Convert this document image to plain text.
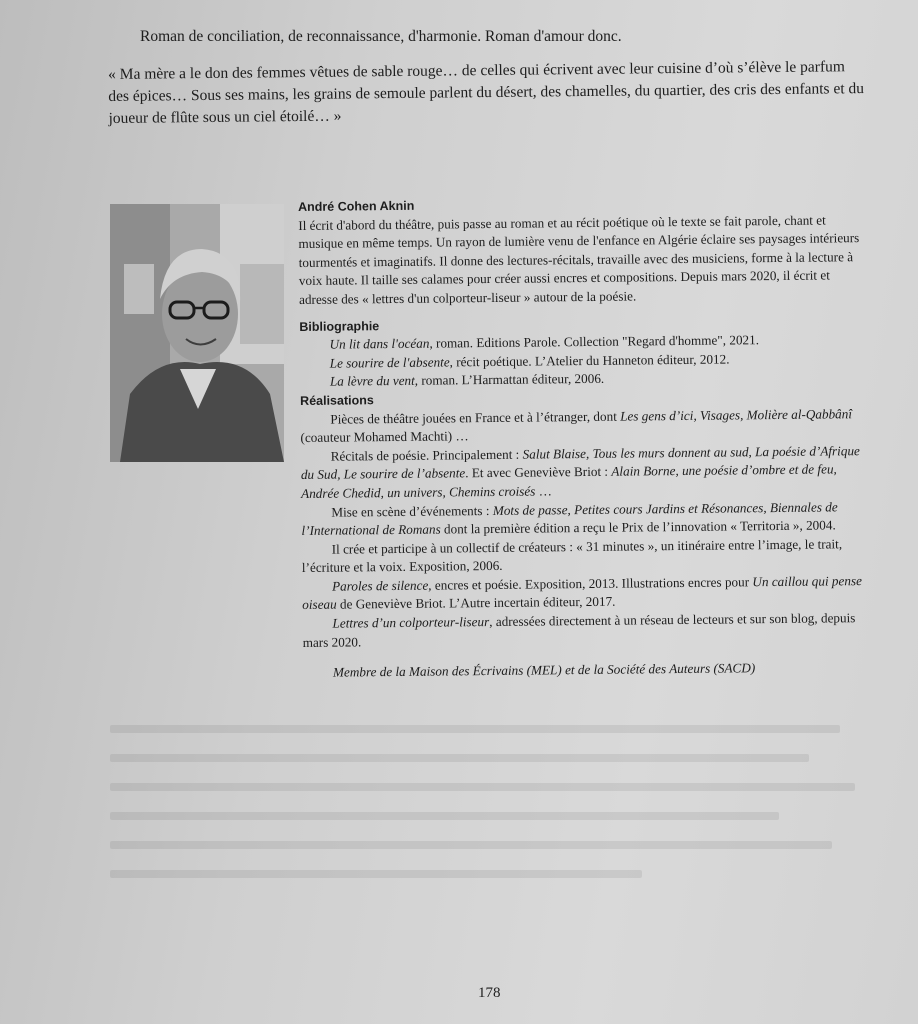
Roman de conciliation, de reconnaissance, d'harmonie. Roman d'amour donc.

« Ma mère a le don des femmes vêtues de sable rouge… de celles qui écrivent avec leur cuisine d’où s’élève le parfum des épices… Sous ses mains, les grains de semoule parlent du désert, des chamelles, du quartier, des cris des enfants et du joueur de flûte sous un ciel étoilé… »

André Cohen Aknin

Il écrit d'abord du théâtre, puis passe au roman et au récit poétique où le texte se fait parole, chant et musique en même temps. Un rayon de lumière venu de l'enfance en Algérie éclaire ses paysages intérieurs tourmentés et imaginatifs. Il donne des lectures-récitals, travaille avec des musiciens, forme à la lecture à voix haute. Il taille ses calames pour créer aussi encres et compositions. Depuis mars 2020, il écrit et adresse des « lettres d'un colporteur-liseur » autour de la poésie.

Bibliographie

Un lit dans l'océan, roman. Editions Parole. Collection "Regard d'homme", 2021.

Le sourire de l'absente, récit poétique. L’Atelier du Hanneton éditeur, 2012.

La lèvre du vent, roman. L’Harmattan éditeur, 2006.

Réalisations

Pièces de théâtre jouées en France et à l’étranger, dont Les gens d’ici, Visages, Molière al-Qabbânî (coauteur Mohamed Machti) …

Récitals de poésie. Principalement : Salut Blaise, Tous les murs donnent au sud, La poésie d’Afrique du Sud, Le sourire de l’absente. Et avec Geneviève Briot : Alain Borne, une poésie d’ombre et de feu, Andrée Chedid, un univers, Chemins croisés …

Mise en scène d’événements : Mots de passe, Petites cours Jardins et Résonances, Biennales de l’International de Romans dont la première édition a reçu le Prix de l’innovation « Territoria », 2004.

Il crée et participe à un collectif de créateurs : « 31 minutes », un itinéraire entre l’image, le trait, l’écriture et la voix. Exposition, 2006.

Paroles de silence, encres et poésie. Exposition, 2013. Illustrations encres pour Un caillou qui pense oiseau de Geneviève Briot. L’Autre incertain éditeur, 2017.

Lettres d’un colporteur-liseur, adressées directement à un réseau de lecteurs et sur son blog, depuis mars 2020.

Membre de la Maison des Écrivains (MEL) et de la Société des Auteurs (SACD)

178
